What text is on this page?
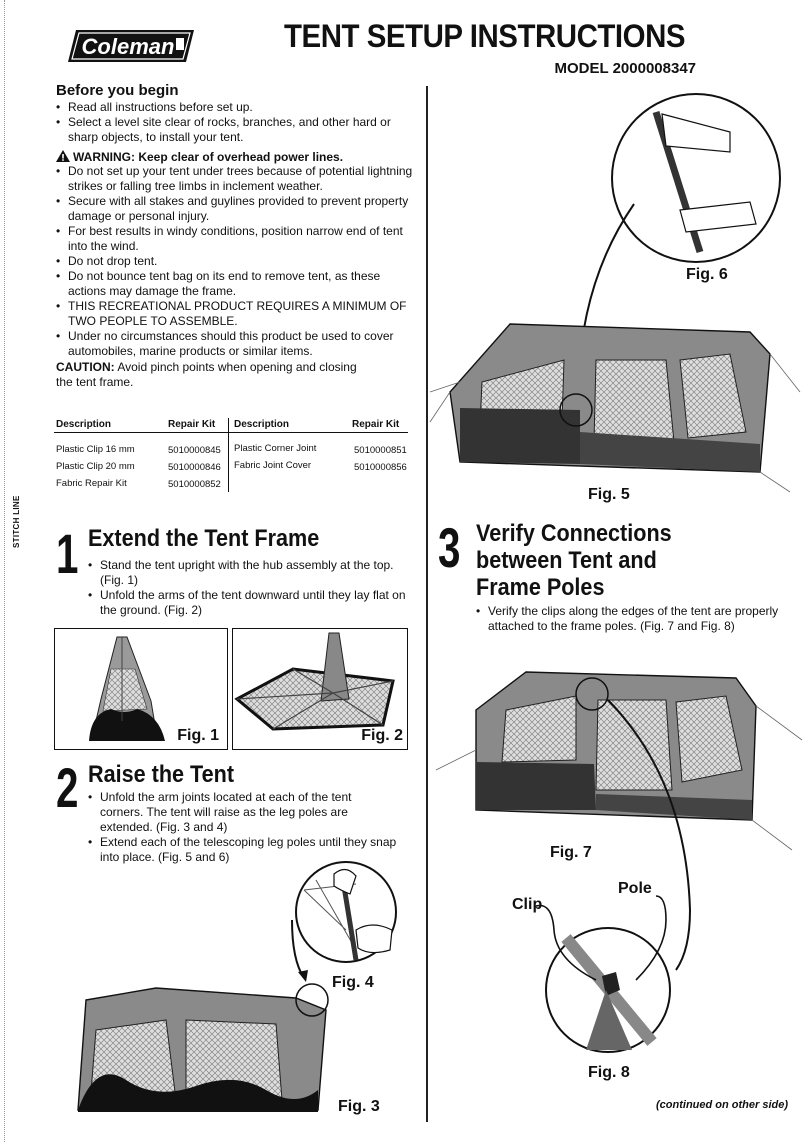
STITCH LINE
Coleman	TENT SETUP INSTRUCTIONS
MODEL 2000008347
Before you begin
• Read all instructions before set up.
• Select a level site clear of rocks, branches, and other hard or sharp objects, to install your tent.
WARNING: Keep clear of overhead power lines.
• Do not set up your tent under trees because of potential lightning strikes or falling tree limbs in inclement weather.
• Secure with all stakes and guylines provided to prevent property damage or personal injury.
• For best results in windy conditions, position narrow end of tent into the wind.
• Do not drop tent.
• Do not bounce tent bag on its end to remove tent, as these actions may damage the frame.
• THIS RECREATIONAL PRODUCT REQUIRES A MINIMUM OF TWO PEOPLE TO ASSEMBLE.
• Under no circumstances should this product be used to cover automobiles, marine products or similar items.
CAUTION: Avoid pinch points when opening and closing the tent frame.
Description	Repair Kit Description	Repair Kit
Plastic Clip 16 mm	5010000845
Plastic Clip 20 mm	5010000846
Fabric Repair Kit	5010000852
Plastic Corner Joint	5010000851
Fabric Joint Cover	5010000856
1 Extend the Tent Frame
• Stand the tent upright with the hub assembly at the top. (Fig. 1)
• Unfold the arms of the tent downward until they lay flat on the ground. (Fig. 2)
Fig. 1	Fig. 2
2 Raise the Tent
• Unfold the arm joints located at each of the tent corners. The tent will raise as the leg poles are extended. (Fig. 3 and 4)
• Extend each of the telescoping leg poles until they snap into place. (Fig. 5 and 6)
Fig. 4
Fig. 3
Fig. 6
Fig. 5
3 Verify Connections
between Tent and
Frame Poles
• Verify the clips along the edges of the tent are properly attached to the frame poles. (Fig. 7 and Fig. 8)
Fig. 7
Clip
Pole
Fig. 8
(continued on other side)
